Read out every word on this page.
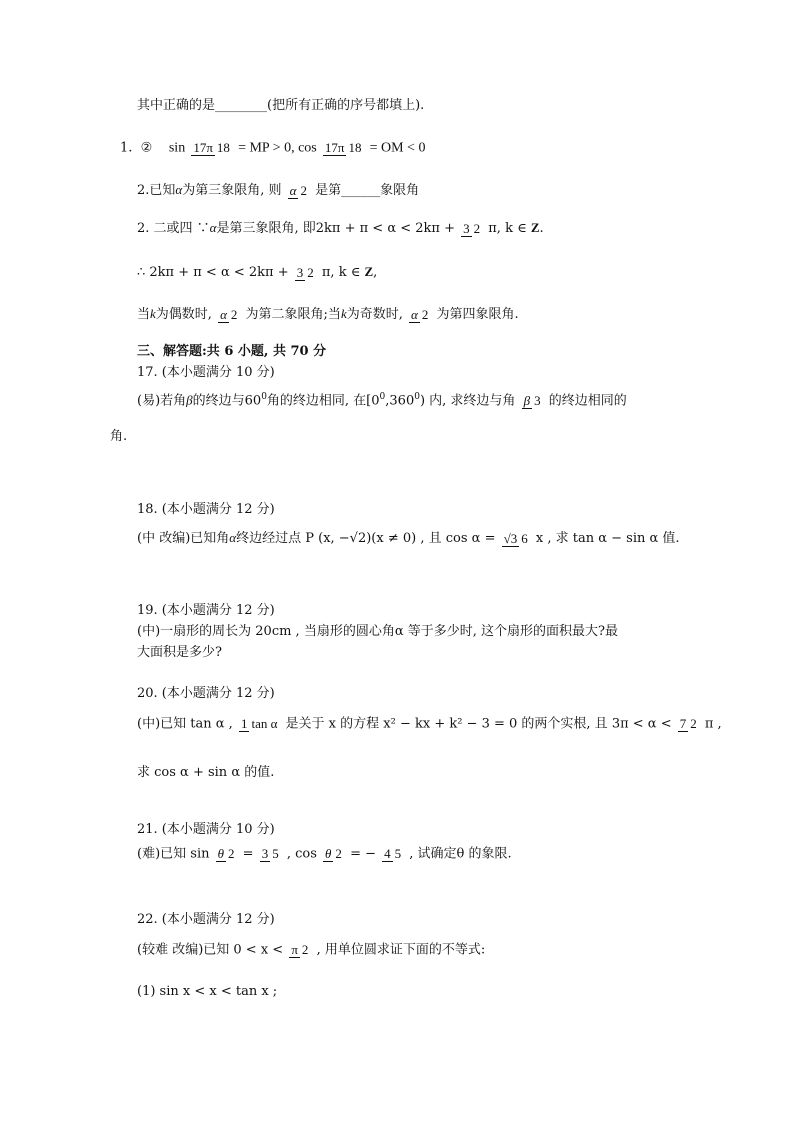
其中正确的是________(把所有正确的序号都填上).
1. ② sin 17π 18 = MP > 0, cos 17π 18 = OM < 0
2.已知α为第三象限角, 则 α 2 是第______象限角
2. 二或四 ∵α是第三象限角, 即2kπ + π < α < 2kπ + 3 2 π, k ∈ Z.
∴ 2kπ + π < α < 2kπ + 3 2 π, k ∈ Z,
当k为偶数时, α 2 为第二象限角;当k为奇数时, α 2 为第四象限角.
三、解答题:共 6 小题, 共 70 分
17. (本小题满分 10 分)
(易)若角β的终边与$60^0$角的终边相同, 在$[0^0,360^0)$ 内, 求终边与角 β 3 的终边相同的
角.
18. (本小题满分 12 分)
(中 改编)已知角α终边经过点 P (x, −√2)(x ≠ 0) , 且 cos α = √3 6 x , 求 tan α − sin α 值.
19. (本小题满分 12 分)
(中)一扇形的周长为 20cm , 当扇形的圆心角α 等于多少时, 这个扇形的面积最大?最
大面积是多少?
20. (本小题满分 12 分)
(中)已知 tan α , 1 tan α 是关于 x 的方程 x² − kx + k² − 3 = 0 的两个实根, 且 3π < α < 7 2 π ,
求 cos α + sin α 的值.
21. (本小题满分 10 分)
(难)已知 sin θ 2 = 3 5 , cos θ 2 = − 4 5 , 试确定θ 的象限.
22. (本小题满分 12 分)
(较难 改编)已知 0 < x < π 2 , 用单位圆求证下面的不等式:
(1) sin x < x < tan x ;
